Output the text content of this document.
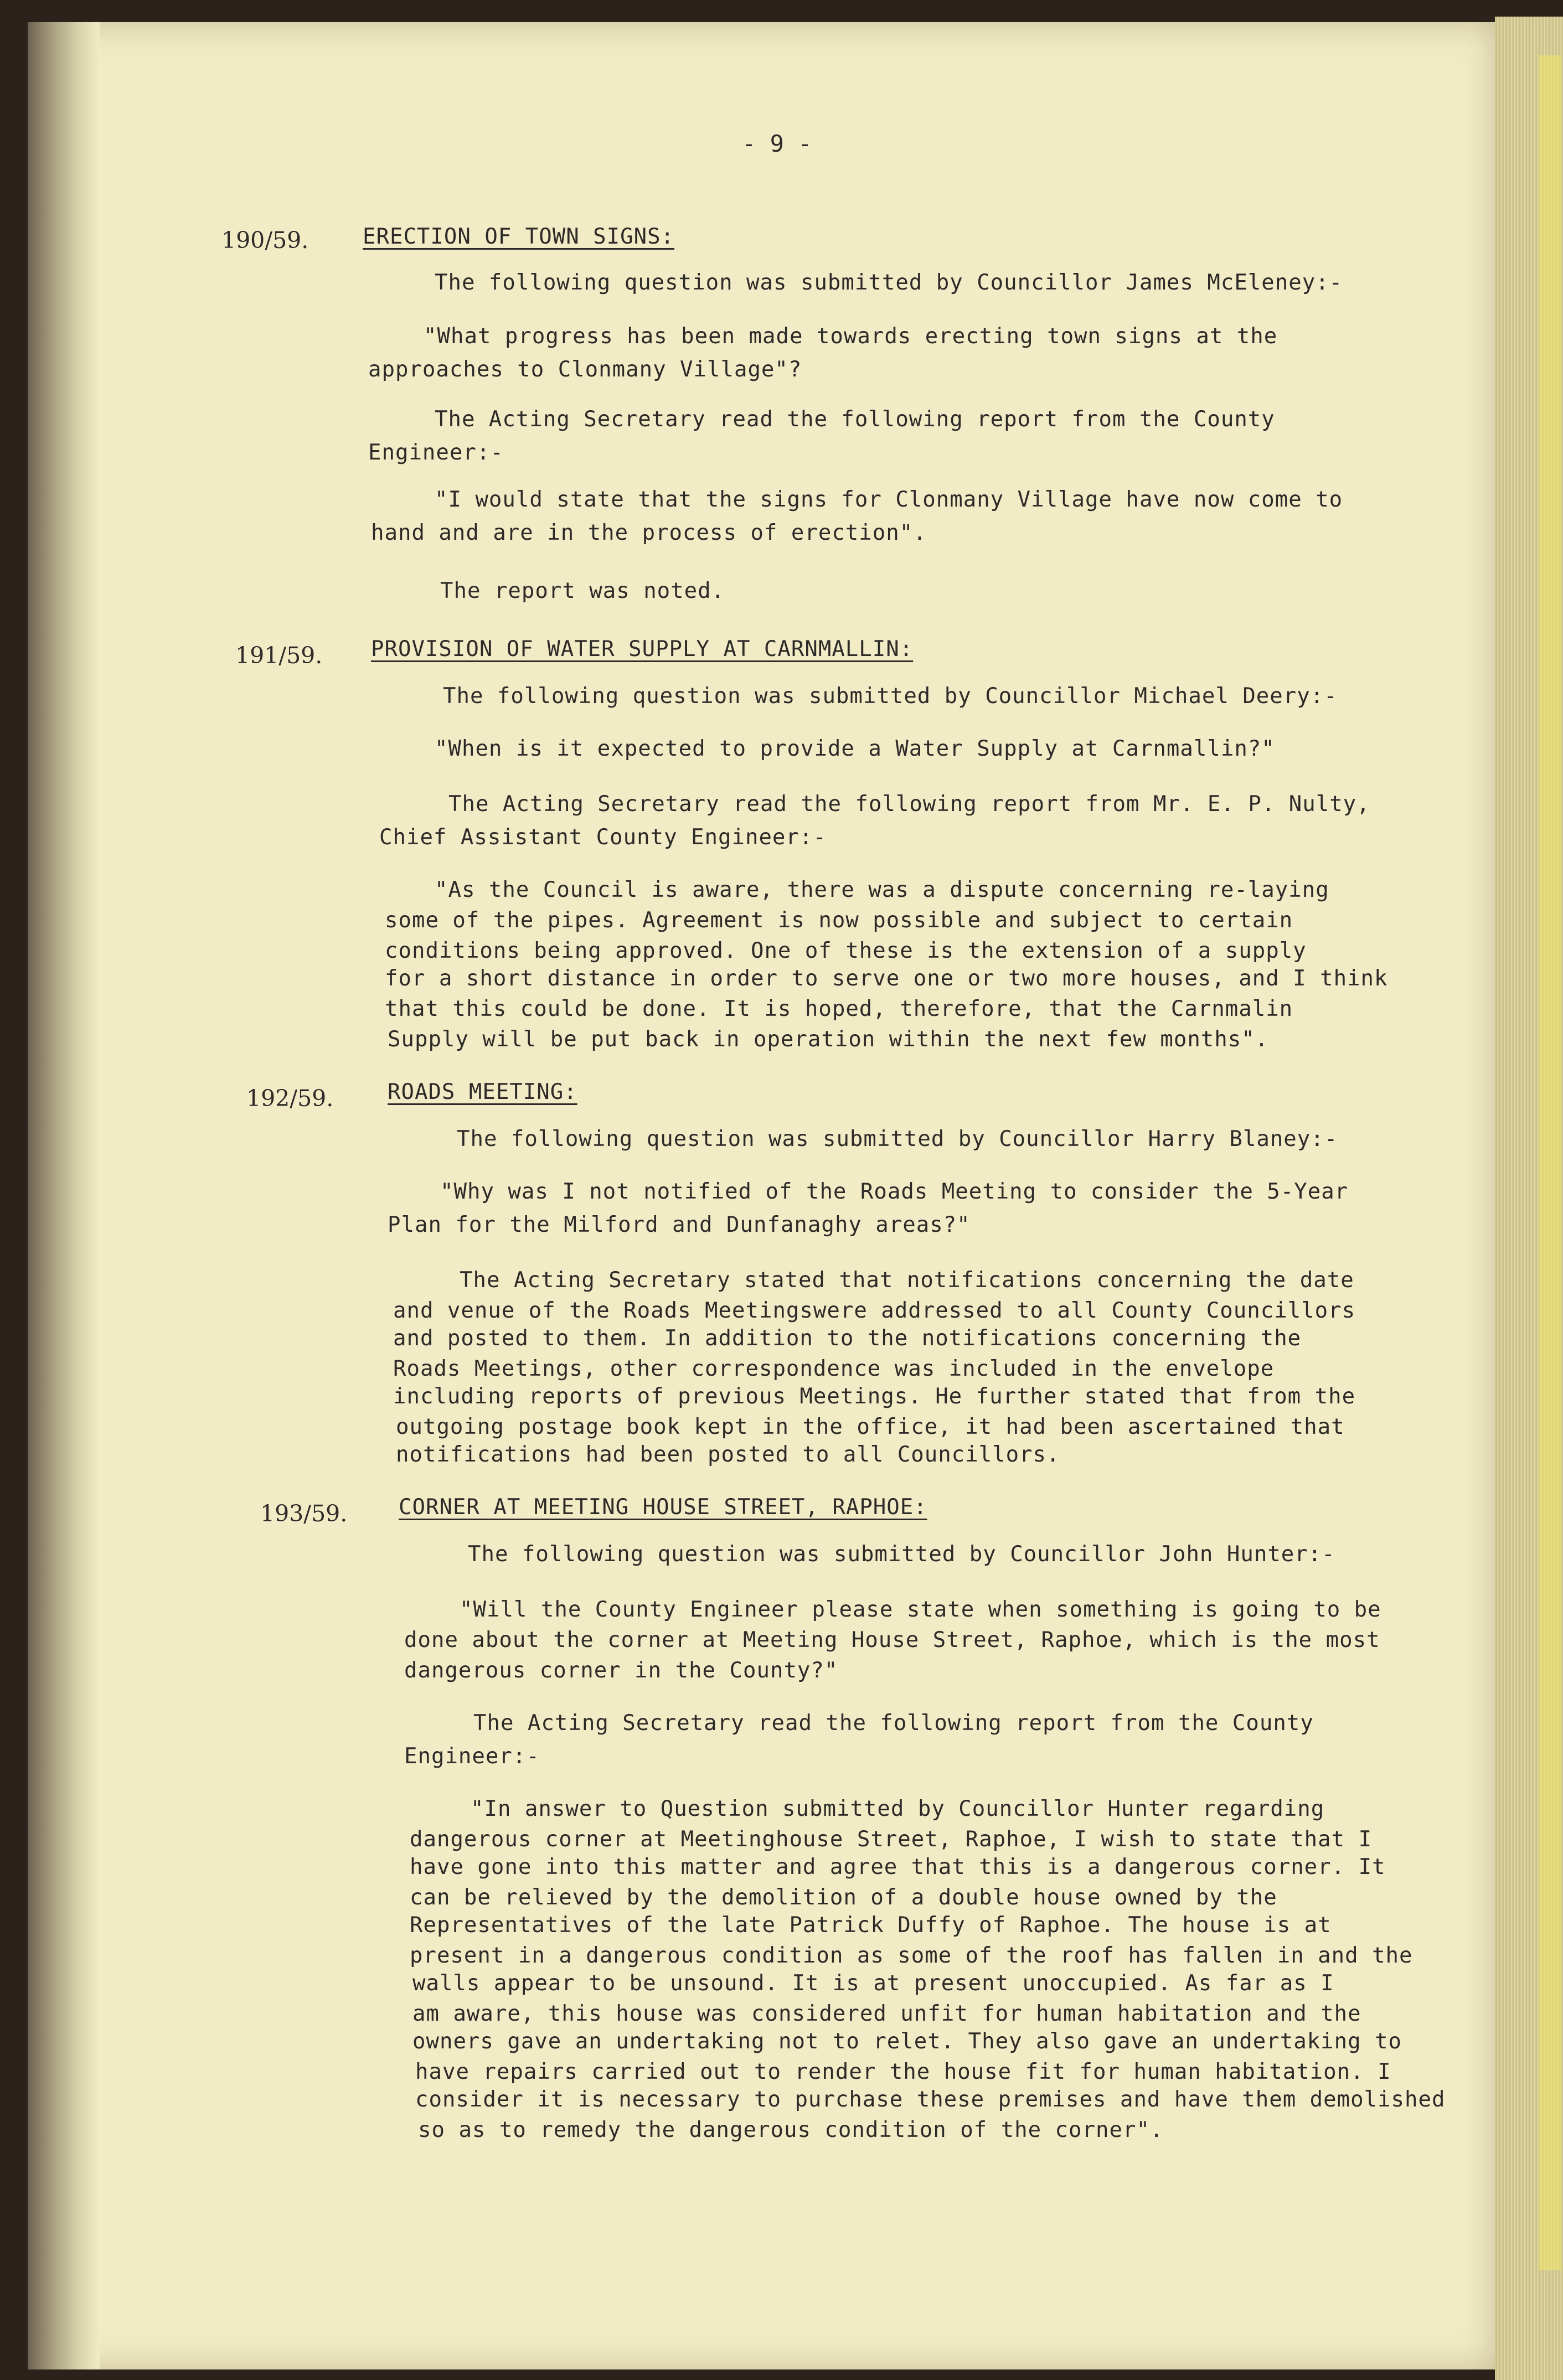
- 9 -
190/59.	ERECTION OF TOWN SIGNS:
The following question was submitted by Councillor James McEleney:-
"What progress has been made towards erecting town signs at the
approaches to Clonmany Village"?
The Acting Secretary read the following report from the County
Engineer:-
"I would state that the signs for Clonmany Village have now come to
hand and are in the process of erection".
The report was noted.
191/59. PROVISION OF WATER SUPPLY AT CARNMALLIN:
The following question was submitted by Councillor Michael Deery:-
"When is it expected to provide a Water Supply at Carnmallin?"
The Acting Secretary read the following report from Mr. E. P. Nulty,
Chief Assistant County Engineer:-
"As the Council is aware, there was a dispute concerning re-laying
some of the pipes. Agreement is now possible and subject to certain
conditions being approved. One of these is the extension of a supply
for a short distance in order to serve one or two more houses, and I think
that this could be done. It is hoped, therefore, that the Carnmalin
Supply will be put back in operation within the next few months".
192/59.	ROADS MEETING:
The following question was submitted by Councillor Harry Blaney:-
"Why was I not notified of the Roads Meeting to consider the 5-Year
Plan for the Milford and Dunfanaghy areas?"
The Acting Secretary stated that notifications concerning the date
and venue of the Roads Meetingswere addressed to all County Councillors
and posted to them. In addition to the notifications concerning the
Roads Meetings, other correspondence was included in the envelope
including reports of previous Meetings. He further stated that from the
outgoing postage book kept in the office, it had been ascertained that
notifications had been posted to all Councillors.
193/59. CORNER AT MEETING HOUSE STREET, RAPHOE:
The following question was submitted by Councillor John Hunter:-
"Will the County Engineer please state when something is going to be
done about the corner at Meeting House Street, Raphoe, which is the most
dangerous corner in the County?"
The Acting Secretary read the following report from the County
Engineer:-
"In answer to Question submitted by Councillor Hunter regarding
dangerous corner at Meetinghouse Street, Raphoe, I wish to state that I
have gone into this matter and agree that this is a dangerous corner. It
can be relieved by the demolition of a double house owned by the
Representatives of the late Patrick Duffy of Raphoe. The house is at
present in a dangerous condition as some of the roof has fallen in and the
walls appear to be unsound. It is at present unoccupied. As far as I
am aware, this house was considered unfit for human habitation and the
owners gave an undertaking not to relet. They also gave an undertaking to
have repairs carried out to render the house fit for human habitation. I
consider it is necessary to purchase these premises and have them demolished
so as to remedy the dangerous condition of the corner".
